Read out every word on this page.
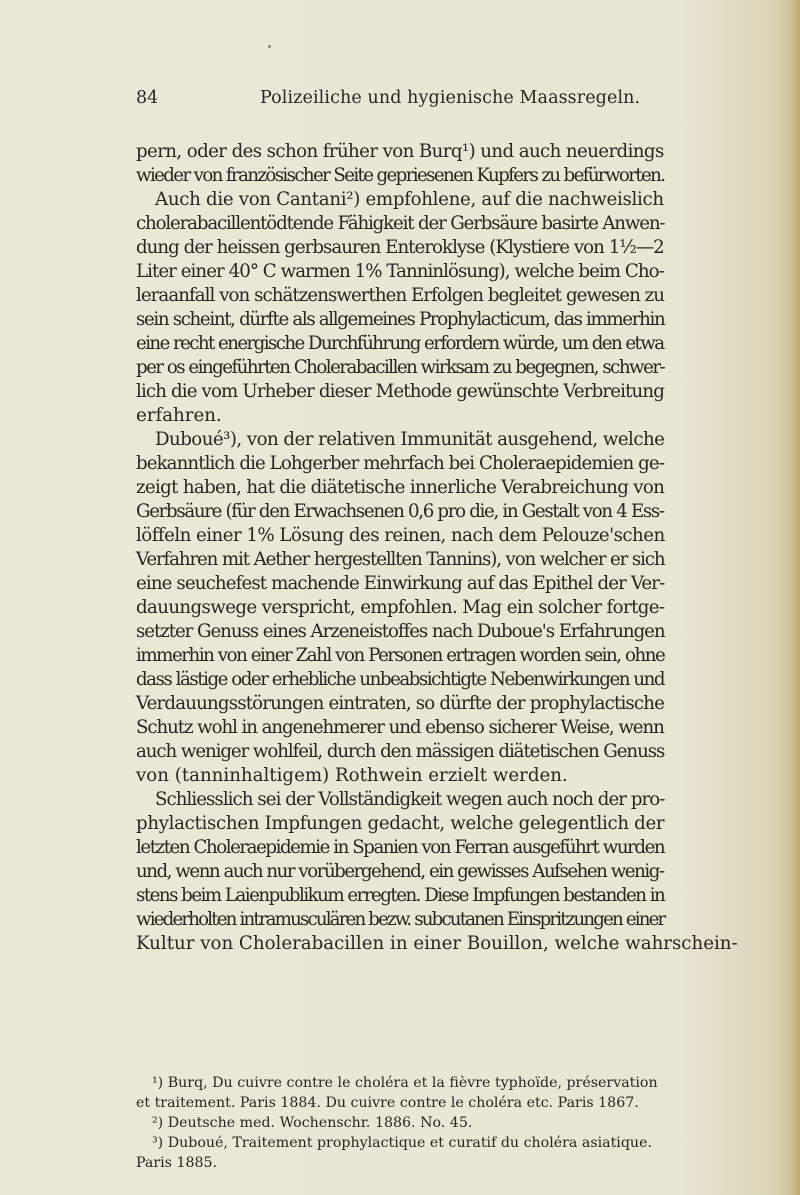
84	Polizeiliche und hygienische Maassregeln.
pern, oder des schon früher von Burq¹) und auch neuerdings
wieder von französischer Seite gepriesenen Kupfers zu befürworten.
Auch die von Cantani²) empfohlene, auf die nachweislich
cholerabacillentödtende Fähigkeit der Gerbsäure basirte Anwen-
dung der heissen gerbsauren Enteroklyse (Klystiere von 1½—2
Liter einer 40° C warmen 1% Tanninlösung), welche beim Cho-
leraanfall von schätzenswerthen Erfolgen begleitet gewesen zu
sein scheint, dürfte als allgemeines Prophylacticum, das immerhin
eine recht energische Durchführung erfordern würde, um den etwa
per os eingeführten Cholerabacillen wirksam zu begegnen, schwer-
lich die vom Urheber dieser Methode gewünschte Verbreitung
erfahren.
Duboué³), von der relativen Immunität ausgehend, welche
bekanntlich die Lohgerber mehrfach bei Choleraepidemien ge-
zeigt haben, hat die diätetische innerliche Verabreichung von
Gerbsäure (für den Erwachsenen 0,6 pro die, in Gestalt von 4 Ess-
löffeln einer 1% Lösung des reinen, nach dem Pelouze'schen
Verfahren mit Aether hergestellten Tannins), von welcher er sich
eine seuchefest machende Einwirkung auf das Epithel der Ver-
dauungswege verspricht, empfohlen. Mag ein solcher fortge-
setzter Genuss eines Arzeneistoffes nach Duboue's Erfahrungen
immerhin von einer Zahl von Personen ertragen worden sein, ohne
dass lästige oder erhebliche unbeabsichtigte Nebenwirkungen und
Verdauungsstörungen eintraten, so dürfte der prophylactische
Schutz wohl in angenehmerer und ebenso sicherer Weise, wenn
auch weniger wohlfeil, durch den mässigen diätetischen Genuss
von (tanninhaltigem) Rothwein erzielt werden.
Schliesslich sei der Vollständigkeit wegen auch noch der pro-
phylactischen Impfungen gedacht, welche gelegentlich der
letzten Choleraepidemie in Spanien von Ferran ausgeführt wurden
und, wenn auch nur vorübergehend, ein gewisses Aufsehen wenig-
stens beim Laienpublikum erregten. Diese Impfungen bestanden in
wiederholten intramusculären bezw. subcutanen Einspritzungen einer
Kultur von Cholerabacillen in einer Bouillon, welche wahrschein-
¹) Burq, Du cuivre contre le choléra et la fièvre typhoïde, préservation
et traitement. Paris 1884. Du cuivre contre le choléra etc. Paris 1867.
²) Deutsche med. Wochenschr. 1886. No. 45.
³) Duboué, Traitement prophylactique et curatif du choléra asiatique.
Paris 1885.
